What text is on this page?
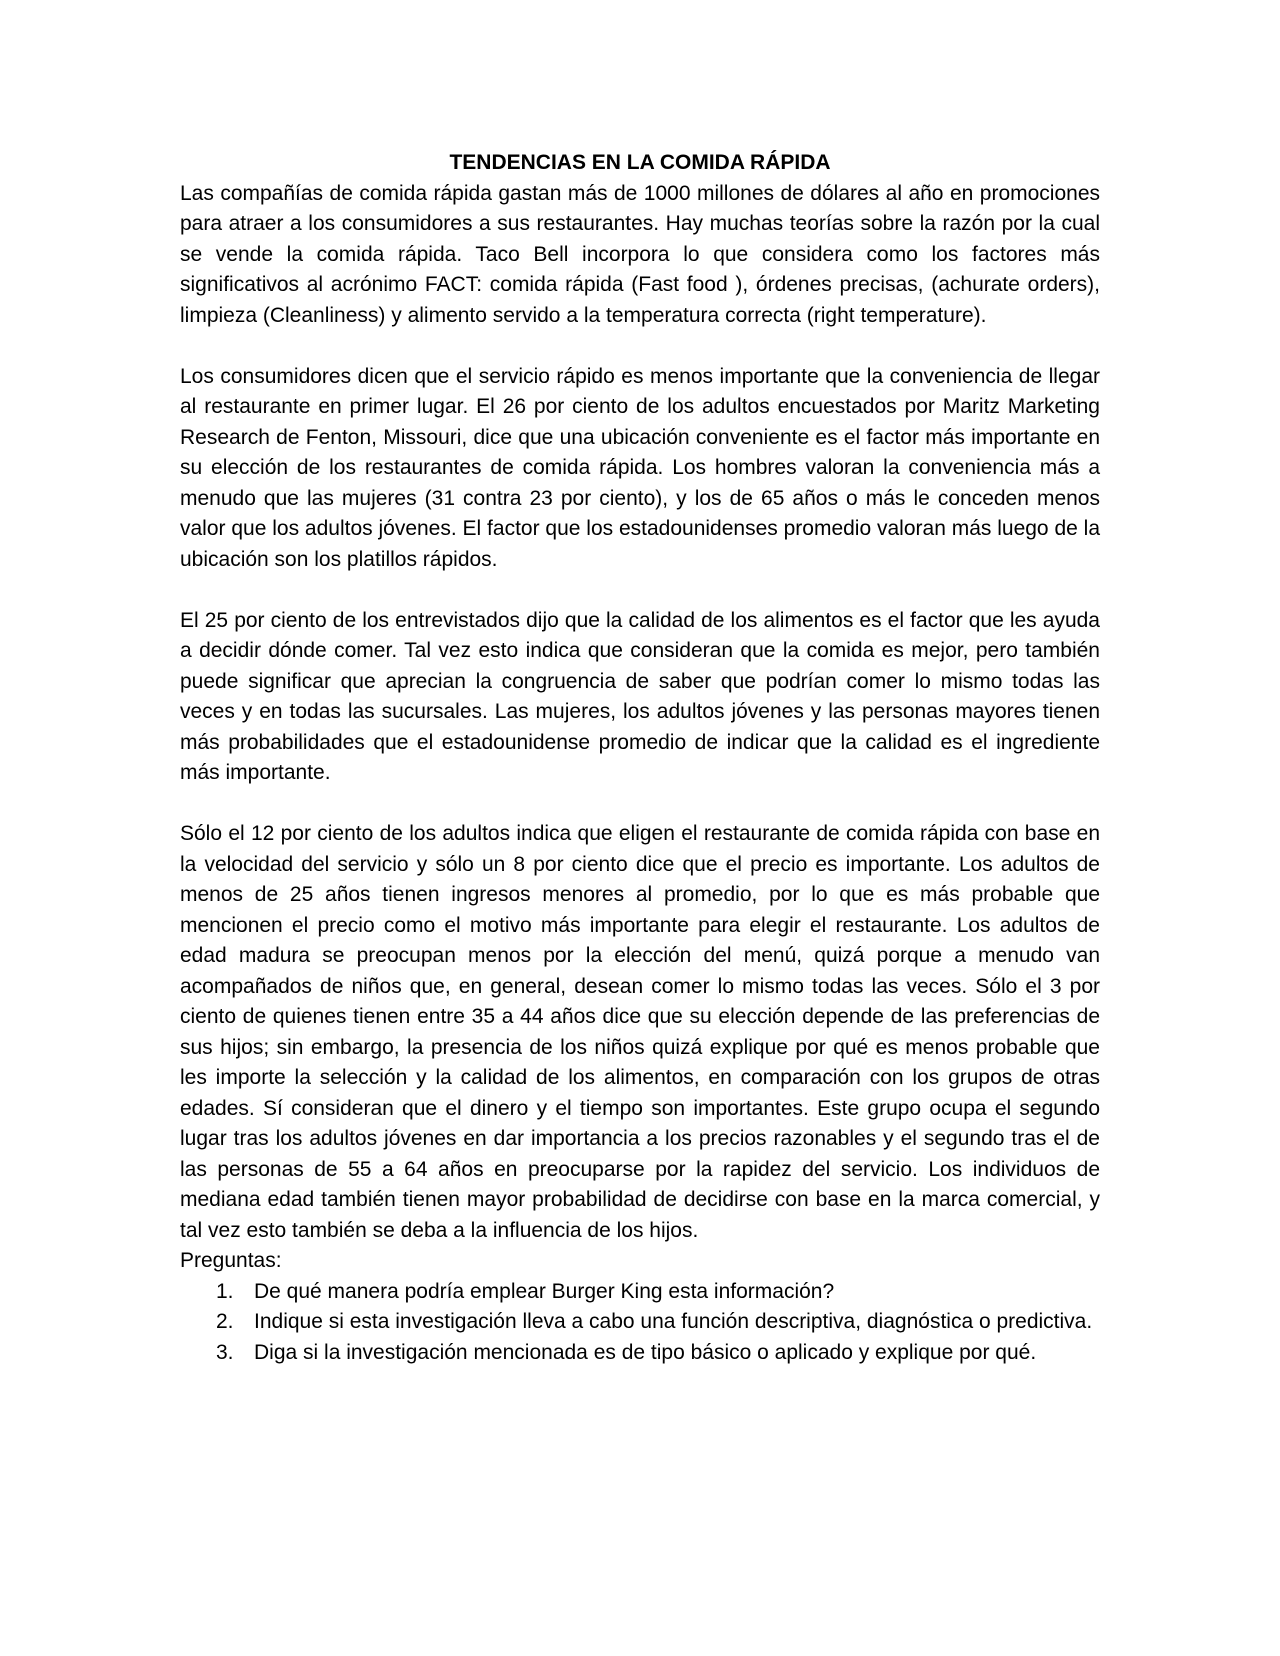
TENDENCIAS EN LA COMIDA RÁPIDA

Las compañías de comida rápida gastan más de 1000 millones de dólares al año en promociones para atraer a los consumidores a sus restaurantes. Hay muchas teorías sobre la razón por la cual se vende la comida rápida. Taco Bell incorpora lo que considera como los factores más significativos al acrónimo FACT: comida rápida (Fast food ), órdenes precisas, (achurate orders), limpieza (Cleanliness) y alimento servido a la temperatura correcta (right temperature).

Los consumidores dicen que el servicio rápido es menos importante que la conveniencia de llegar al restaurante en primer lugar. El 26 por ciento de los adultos encuestados por Maritz Marketing Research de Fenton, Missouri, dice que una ubicación conveniente es el factor más importante en su elección de los restaurantes de comida rápida. Los hombres valoran la conveniencia más a menudo que las mujeres (31 contra 23 por ciento), y los de 65 años o más le conceden menos valor que los adultos jóvenes. El factor que los estadounidenses promedio valoran más luego de la ubicación son los platillos rápidos.

El 25 por ciento de los entrevistados dijo que la calidad de los alimentos es el factor que les ayuda a decidir dónde comer. Tal vez esto indica que consideran que la comida es mejor, pero también puede significar que aprecian la congruencia de saber que podrían comer lo mismo todas las veces y en todas las sucursales. Las mujeres, los adultos jóvenes y las personas mayores tienen más probabilidades que el estadounidense promedio de indicar que la calidad es el ingrediente más importante.

Sólo el 12 por ciento de los adultos indica que eligen el restaurante de comida rápida con base en la velocidad del servicio y sólo un 8 por ciento dice que el precio es importante. Los adultos de menos de 25 años tienen ingresos menores al promedio, por lo que es más probable que mencionen el precio como el motivo más importante para elegir el restaurante. Los adultos de edad madura se preocupan menos por la elección del menú, quizá porque a menudo van acompañados de niños que, en general, desean comer lo mismo todas las veces. Sólo el 3 por ciento de quienes tienen entre 35 a 44 años dice que su elección depende de las preferencias de sus hijos; sin embargo, la presencia de los niños quizá explique por qué es menos probable que les importe la selección y la calidad de los alimentos, en comparación con los grupos de otras edades. Sí consideran que el dinero y el tiempo son importantes. Este grupo ocupa el segundo lugar tras los adultos jóvenes en dar importancia a los precios razonables y el segundo tras el de las personas de 55 a 64 años en preocuparse por la rapidez del servicio. Los individuos de mediana edad también tienen mayor probabilidad de decidirse con base en la marca comercial, y tal vez esto también se deba a la influencia de los hijos.

Preguntas:

1. De qué manera podría emplear Burger King esta información?
2. Indique si esta investigación lleva a cabo una función descriptiva, diagnóstica o predictiva.
3. Diga si la investigación mencionada es de tipo básico o aplicado y explique por qué.
